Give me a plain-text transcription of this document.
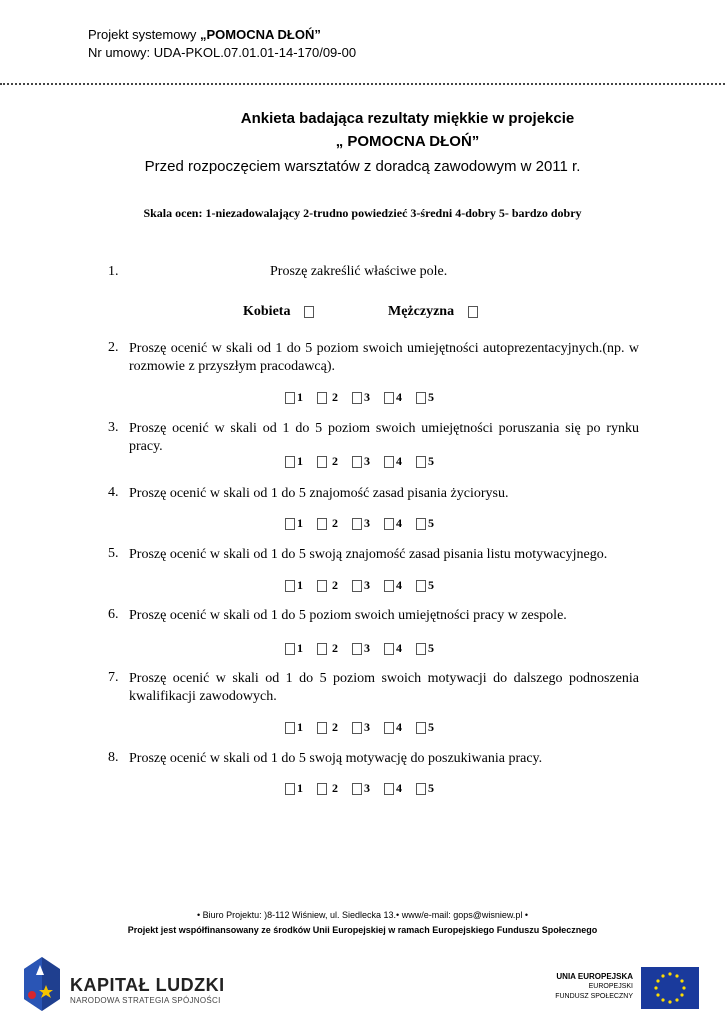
Projekt systemowy „POMOCNA DŁOŃ”
Nr umowy: UDA-PKOL.07.01.01-14-170/09-00
Ankieta badająca rezultaty miękkie w projekcie
„ POMOCNA DŁOŃ”
Przed rozpoczęciem warsztatów z doradcą zawodowym w 2011 r.
Skala ocen: 1-niezadowalający 2-trudno powiedzieć 3-średni 4-dobry 5- bardzo dobry
1.	Proszę zakreślić właściwe pole.
Kobieta	Mężczyzna
2. Proszę ocenić w skali od 1 do 5 poziom swoich umiejętności autoprezentacyjnych.(np. w rozmowie z przyszłym pracodawcą).
1 2 3 4 5
3. Proszę ocenić w skali od 1 do 5 poziom swoich umiejętności poruszania się po rynku pracy.
1 2 3 4 5
4. Proszę ocenić w skali od 1 do 5 znajomość zasad pisania życiorysu.
1 2 3 4 5
5. Proszę ocenić w skali od 1 do 5 swoją znajomość zasad pisania listu motywacyjnego.
1 2 3 4 5
6. Proszę ocenić w skali od 1 do 5 poziom swoich umiejętności pracy w zespole.
1 2 3 4 5
7. Proszę ocenić w skali od 1 do 5 poziom swoich motywacji do dalszego podnoszenia kwalifikacji zawodowych.
1 2 3 4 5
8. Proszę ocenić w skali od 1 do 5 swoją motywację do poszukiwania pracy.
1 2 3 4 5
• Biuro Projektu: )8-112 Wiśniew, ul. Siedlecka 13.• www/e-mail: gops@wisniew.pl •
Projekt jest współfinansowany ze środków Unii Europejskiej w ramach Europejskiego Funduszu Społecznego
KAPITAŁ LUDZKI
NARODOWA STRATEGIA SPÓJNOŚCI
UNIA EUROPEJSKA
EUROPEJSKI
FUNDUSZ SPOŁECZNY
